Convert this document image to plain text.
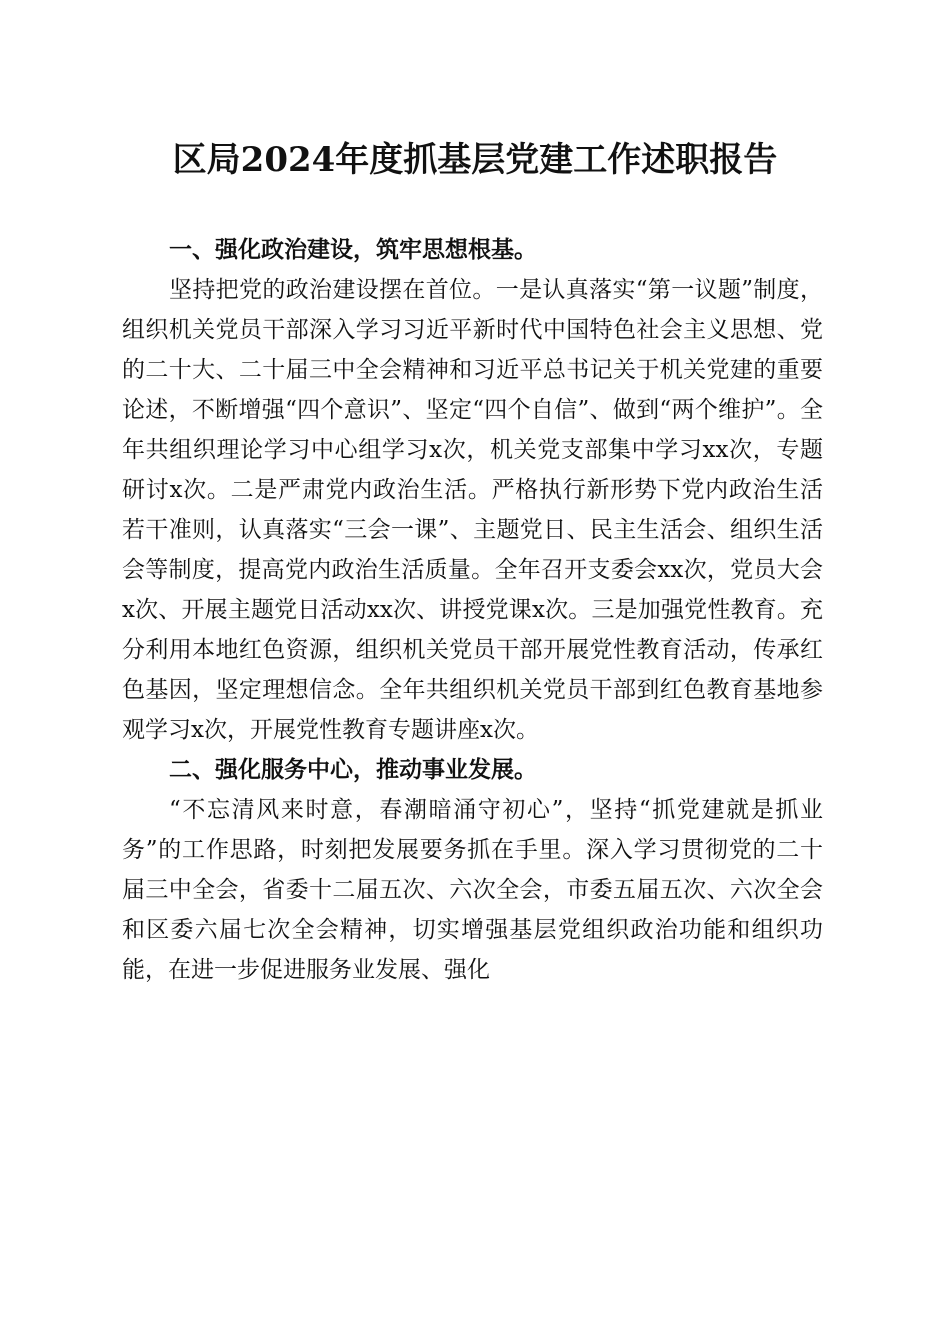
区局2024年度抓基层党建工作述职报告

一、强化政治建设，筑牢思想根基。

坚持把党的政治建设摆在首位。一是认真落实“第一议题”制度，组织机关党员干部深入学习习近平新时代中国特色社会主义思想、党的二十大、二十届三中全会精神和习近平总书记关于机关党建的重要论述，不断增强“四个意识”、坚定“四个自信”、做到“两个维护”。全年共组织理论学习中心组学习x次，机关党支部集中学习xx次，专题研讨x次。二是严肃党内政治生活。严格执行新形势下党内政治生活若干准则，认真落实“三会一课”、主题党日、民主生活会、组织生活会等制度，提高党内政治生活质量。全年召开支委会xx次，党员大会x次、开展主题党日活动xx次、讲授党课x次。三是加强党性教育。充分利用本地红色资源，组织机关党员干部开展党性教育活动，传承红色基因，坚定理想信念。全年共组织机关党员干部到红色教育基地参观学习x次，开展党性教育专题讲座x次。

二、强化服务中心，推动事业发展。

“不忘清风来时意，春潮暗涌守初心”，坚持“抓党建就是抓业务”的工作思路，时刻把发展要务抓在手里。深入学习贯彻党的二十届三中全会，省委十二届五次、六次全会，市委五届五次、六次全会和区委六届七次全会精神，切实增强基层党组织政治功能和组织功能，在进一步促进服务业发展、强化
